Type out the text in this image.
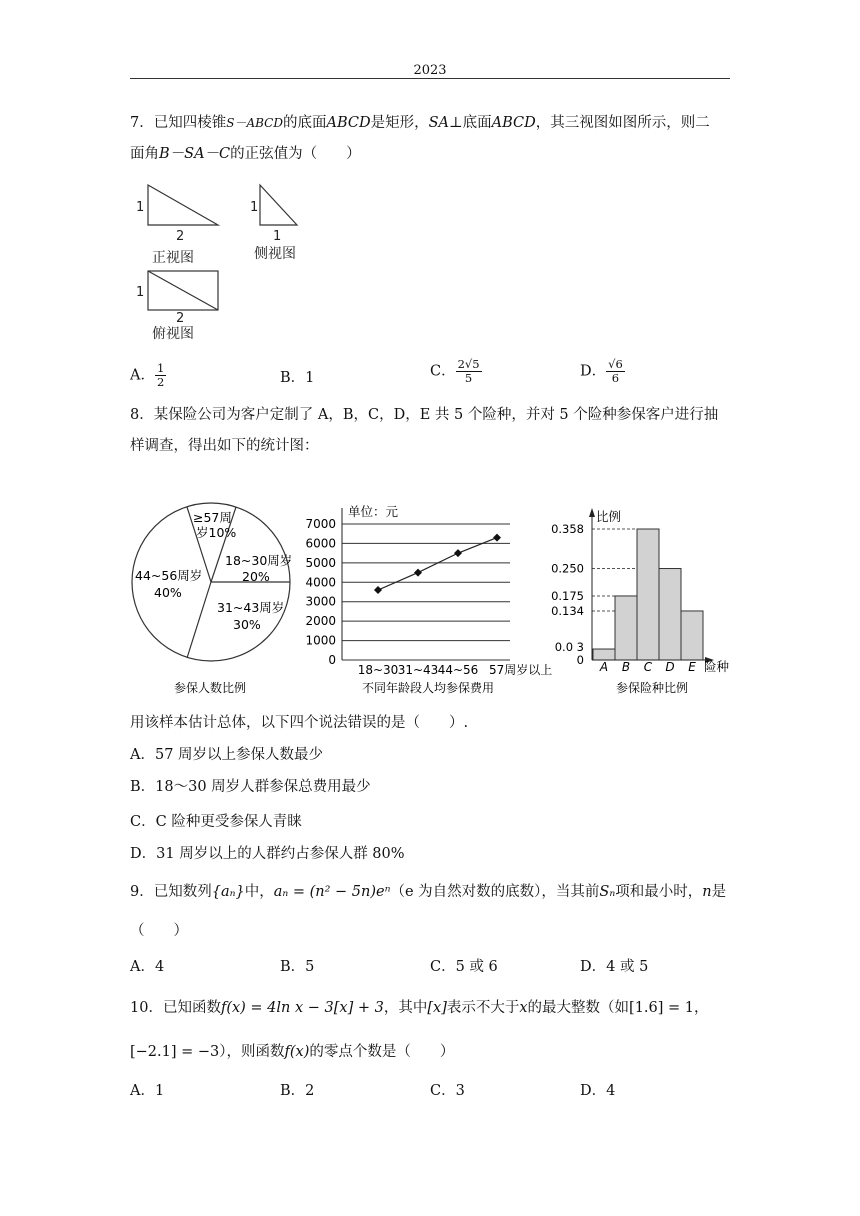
2023
7．已知四棱锥S－ABCD的底面ABCD是矩形，SA⊥底面ABCD，其三视图如图所示，则二
面角B－SA－C的正弦值为（　　）
1
2
正视图
1
1
侧视图
1
2
俯视图
A． $\frac{1}{2}$	B．1	C． $\frac{2√5}{5}$	D． $\frac{√6}{6}$
8．某保险公司为客户定制了 A，B，C，D，E 共 5 个险种，并对 5 个险种参保客户进行抽
样调查，得出如下的统计图：
≥57周
岁10%
18~30周岁
20%
31~43周岁
30%
44~56周岁
40%
参保人数比例
0
1000
2000
3000
4000
5000
6000
7000
18~30 31~43 44~56 57周岁以上
单位：元
不同年龄段人均参保费用
0.358
0.250
0.175
0.134
0.0 3
0 A B C D E
比例
险种
参保险种比例
用该样本估计总体，以下四个说法错误的是（　　）.
A．57 周岁以上参保人数最少
B．18～30 周岁人群参保总费用最少
C．C 险种更受参保人青睐
D．31 周岁以上的人群约占参保人群 80%
9．已知数列{aₙ}中，aₙ = (n² − 5n)eⁿ（e 为自然对数的底数），当其前Sₙ项和最小时，n是
（　　）
A．4	B．5	C．5 或 6	D．4 或 5
10．已知函数f(x) = 4ln x − 3[x] + 3，其中[x]表示不大于x的最大整数（如[1.6] = 1，
[−2.1] = −3），则函数f(x)的零点个数是（　　）
A．1	B．2	C．3	D．4
